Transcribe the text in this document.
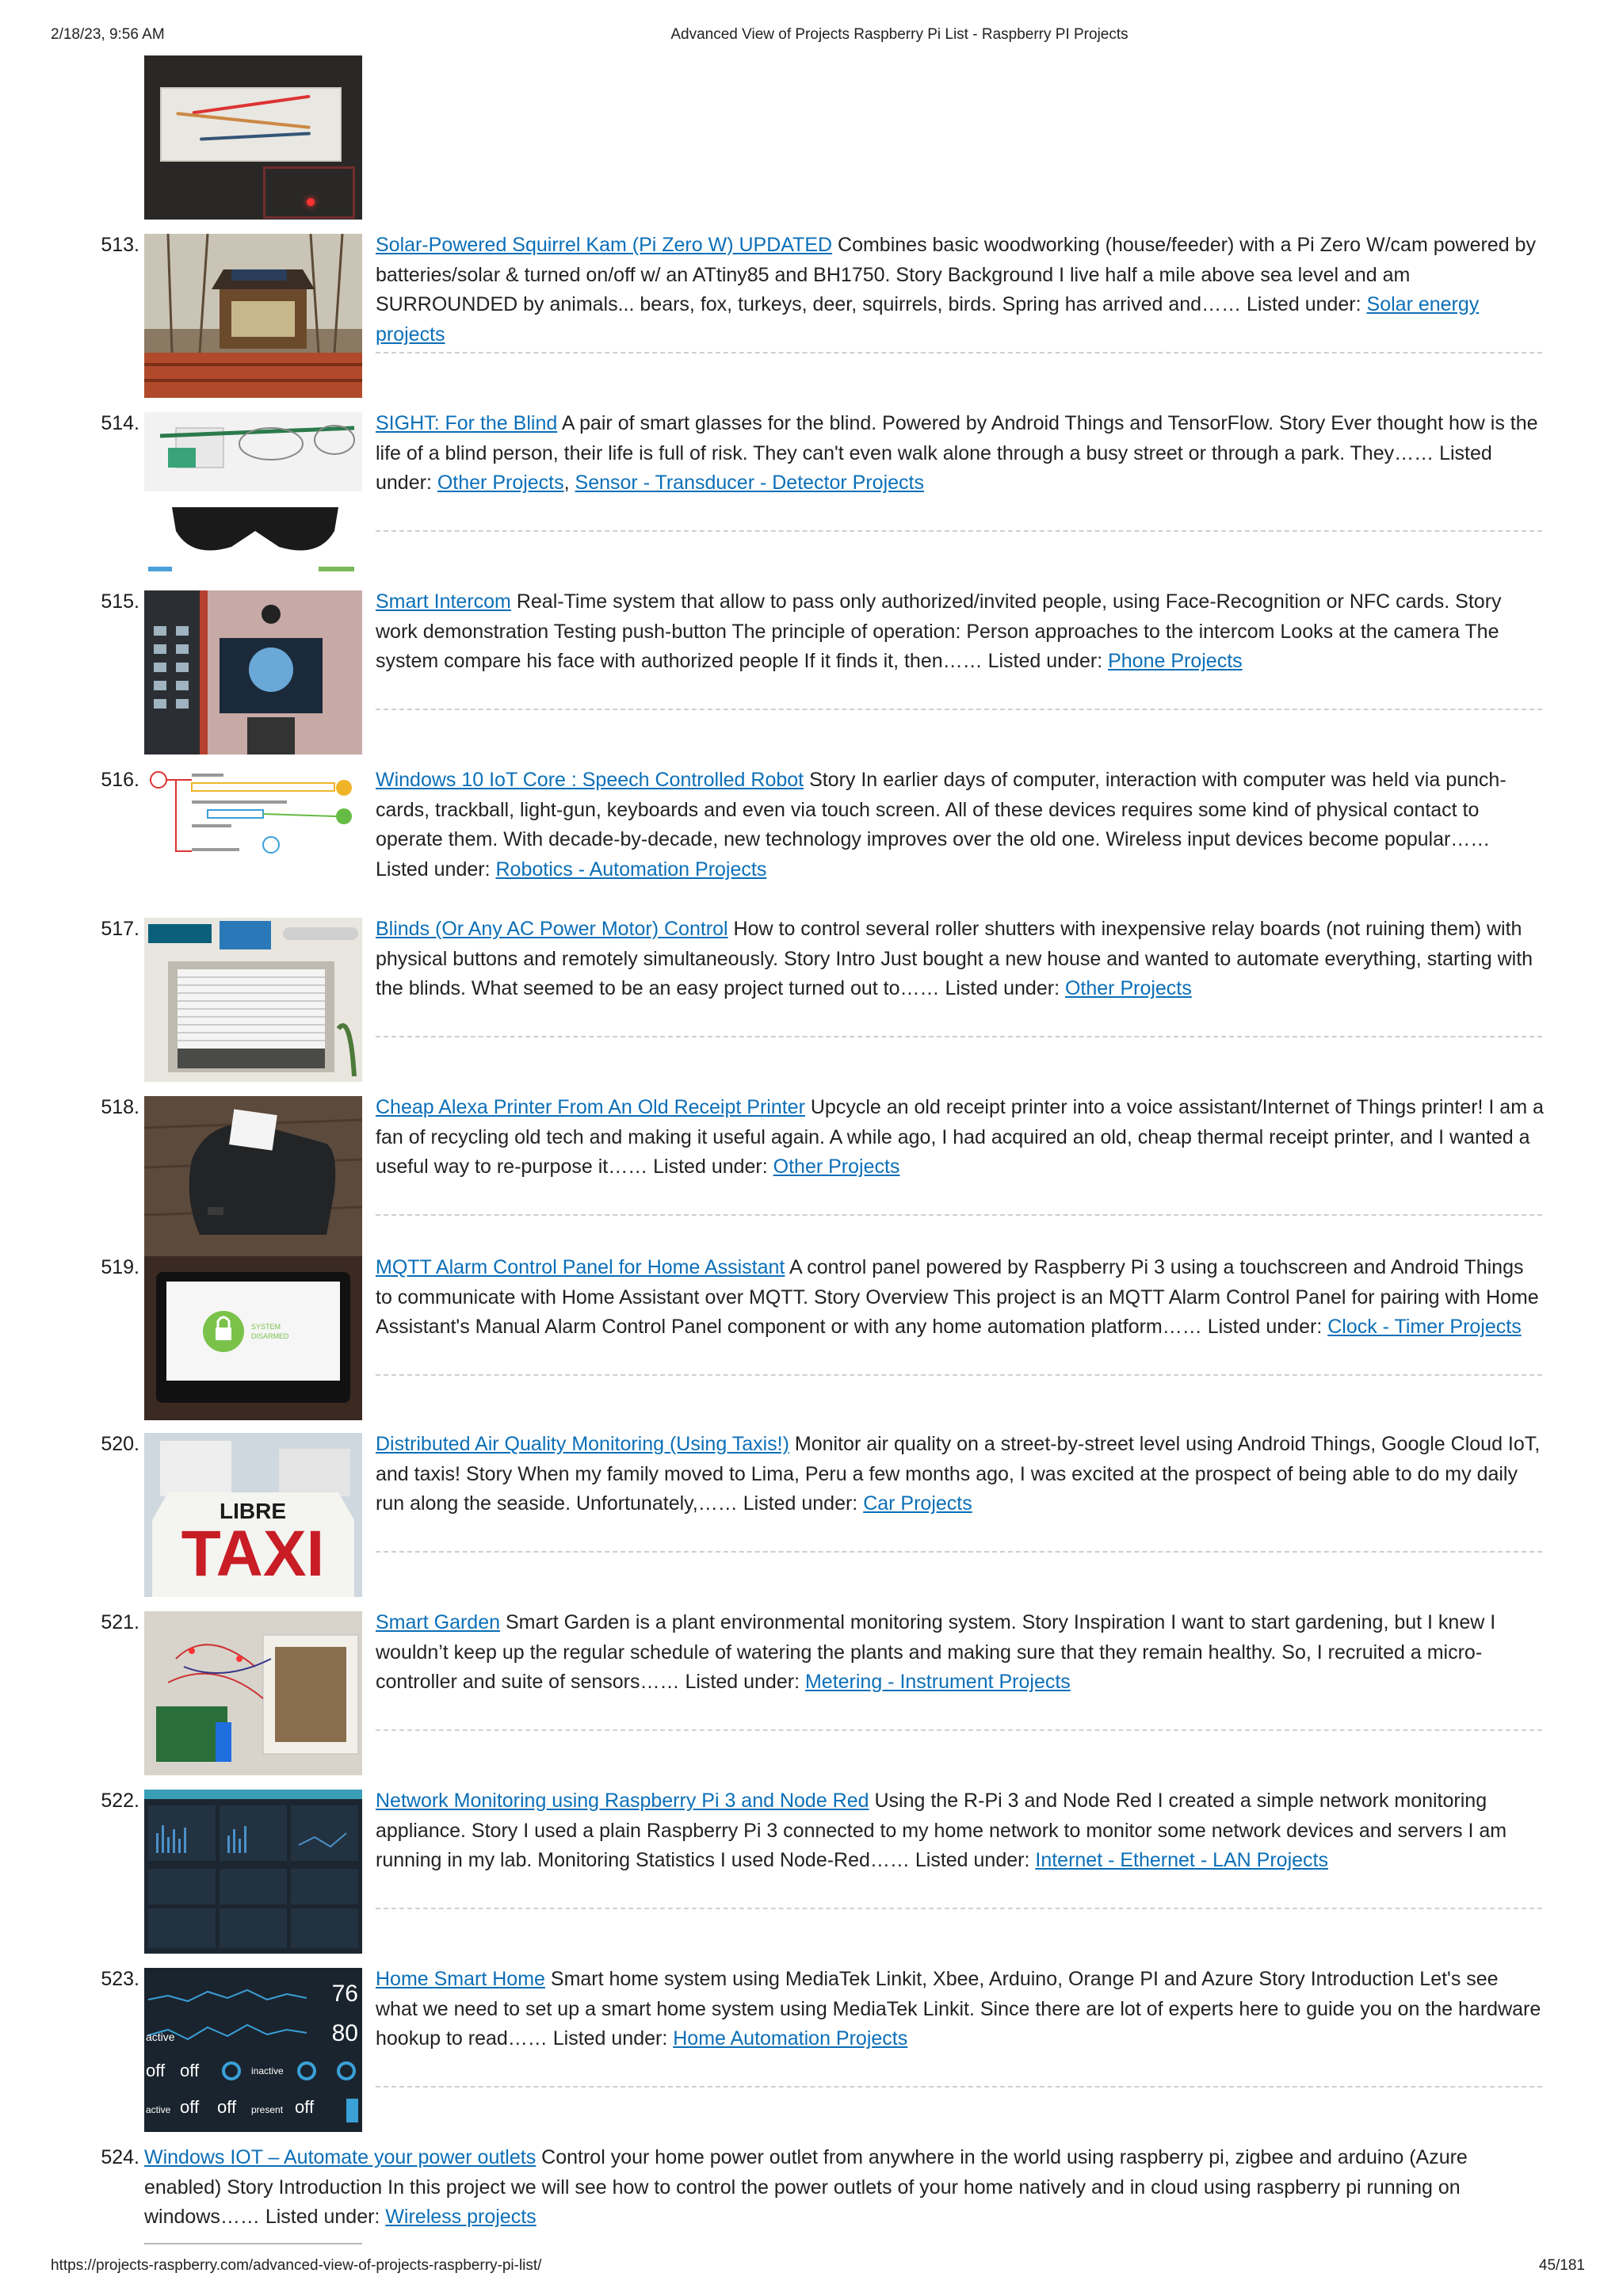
2/18/23, 9:56 AM	Advanced View of Projects Raspberry Pi List - Raspberry PI Projects
513.	Solar-Powered Squirrel Kam (Pi Zero W) UPDATED Combines basic woodworking (house/feeder) with a Pi Zero W/cam powered by batteries/solar & turned on/off w/ an ATtiny85 and BH1750. Story Background I live half a mile above sea level and am SURROUNDED by animals... bears, fox, turkeys, deer, squirrels, birds. Spring has arrived and…… Listed under: Solar energy projects
514.	SIGHT: For the Blind A pair of smart glasses for the blind. Powered by Android Things and TensorFlow. Story Ever thought how is the life of a blind person, their life is full of risk. They can't even walk alone through a busy street or through a park. They…… Listed under: Other Projects, Sensor - Transducer - Detector Projects
515.	Smart Intercom Real-Time system that allow to pass only authorized/invited people, using Face-Recognition or NFC cards. Story work demonstration Testing push-button The principle of operation: Person approaches to the intercom Looks at the camera The system compare his face with authorized people If it finds it, then…… Listed under: Phone Projects
516.	Windows 10 IoT Core : Speech Controlled Robot Story In earlier days of computer, interaction with computer was held via punch-cards, trackball, light-gun, keyboards and even via touch screen. All of these devices requires some kind of physical contact to operate them. With decade-by-decade, new technology improves over the old one. Wireless input devices become popular…… Listed under: Robotics - Automation Projects
517.	Blinds (Or Any AC Power Motor) Control How to control several roller shutters with inexpensive relay boards (not ruining them) with physical buttons and remotely simultaneously. Story Intro Just bought a new house and wanted to automate everything, starting with the blinds. What seemed to be an easy project turned out to…… Listed under: Other Projects
518.	Cheap Alexa Printer From An Old Receipt Printer Upcycle an old receipt printer into a voice assistant/Internet of Things printer! I am a fan of recycling old tech and making it useful again. A while ago, I had acquired an old, cheap thermal receipt printer, and I wanted a useful way to re-purpose it…… Listed under: Other Projects
519.
SYSTEM
DISARMED
MQTT Alarm Control Panel for Home Assistant A control panel powered by Raspberry Pi 3 using a touchscreen and Android Things to communicate with Home Assistant over MQTT. Story Overview This project is an MQTT Alarm Control Panel for pairing with Home Assistant's Manual Alarm Control Panel component or with any home automation platform…… Listed under: Clock - Timer Projects
520.
LIBRE
TAXI
Distributed Air Quality Monitoring (Using Taxis!) Monitor air quality on a street-by-street level using Android Things, Google Cloud IoT, and taxis! Story When my family moved to Lima, Peru a few months ago, I was excited at the prospect of being able to do my daily run along the seaside. Unfortunately,…… Listed under: Car Projects
521.	Smart Garden Smart Garden is a plant environmental monitoring system. Story Inspiration I want to start gardening, but I knew I wouldn’t keep up the regular schedule of watering the plants and making sure that they remain healthy. So, I recruited a micro-controller and suite of sensors…… Listed under: Metering - Instrument Projects
522.	Network Monitoring using Raspberry Pi 3 and Node Red Using the R-Pi 3 and Node Red I created a simple network monitoring appliance. Story I used a plain Raspberry Pi 3 connected to my home network to monitor some network devices and servers I am running in my lab. Monitoring Statistics I used Node-Red…… Listed under: Internet - Ethernet - LAN Projects
523.
76
80
active
off off	inactive
active off off present off
Home Smart Home Smart home system using MediaTek Linkit, Xbee, Arduino, Orange PI and Azure Story Introduction Let's see what we need to set up a smart home system using MediaTek Linkit. Since there are lot of experts here to guide you on the hardware hookup to read…… Listed under: Home Automation Projects
524. Windows IOT – Automate your power outlets Control your home power outlet from anywhere in the world using raspberry pi, zigbee and arduino (Azure enabled) Story Introduction In this project we will see how to control the power outlets of your home natively and in cloud using raspberry pi running on windows…… Listed under: Wireless projects
https://projects-raspberry.com/advanced-view-of-projects-raspberry-pi-list/	45/181
